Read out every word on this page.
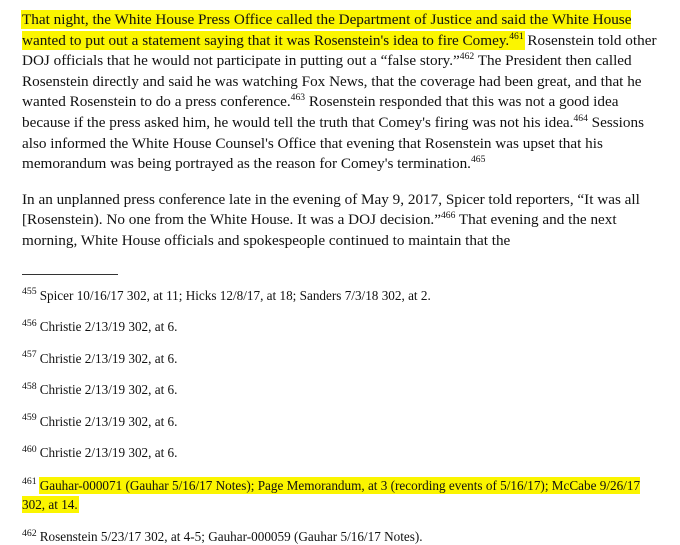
That night, the White House Press Office called the Department of Justice and said the White House wanted to put out a statement saying that it was Rosenstein's idea to fire Comey.$^{461}$ Rosenstein told other DOJ officials that he would not participate in putting out a “false story.”$^{462}$ The President then called Rosenstein directly and said he was watching Fox News, that the coverage had been great, and that he wanted Rosenstein to do a press conference.$^{463}$ Rosenstein responded that this was not a good idea because if the press asked him, he would tell the truth that Comey's firing was not his idea.$^{464}$ Sessions also informed the White House Counsel's Office that evening that Rosenstein was upset that his memorandum was being portrayed as the reason for Comey's termination.$^{465}$

In an unplanned press conference late in the evening of May 9, 2017, Spicer told reporters, “It was all [Rosenstein). No one from the White House. It was a DOJ decision.”$^{466}$ That evening and the next morning, White House officials and spokespeople continued to maintain that the

$^{455}$ Spicer 10/16/17 302, at 11; Hicks 12/8/17, at 18; Sanders 7/3/18 302, at 2.
$^{456}$ Christie 2/13/19 302, at 6.
$^{457}$ Christie 2/13/19 302, at 6.
$^{458}$ Christie 2/13/19 302, at 6.
$^{459}$ Christie 2/13/19 302, at 6.
$^{460}$ Christie 2/13/19 302, at 6.
$^{461}$ Gauhar-000071 (Gauhar 5/16/17 Notes); Page Memorandum, at 3 (recording events of 5/16/17); McCabe 9/26/17 302, at 14.
$^{462}$ Rosenstein 5/23/17 302, at 4-5; Gauhar-000059 (Gauhar 5/16/17 Notes).
